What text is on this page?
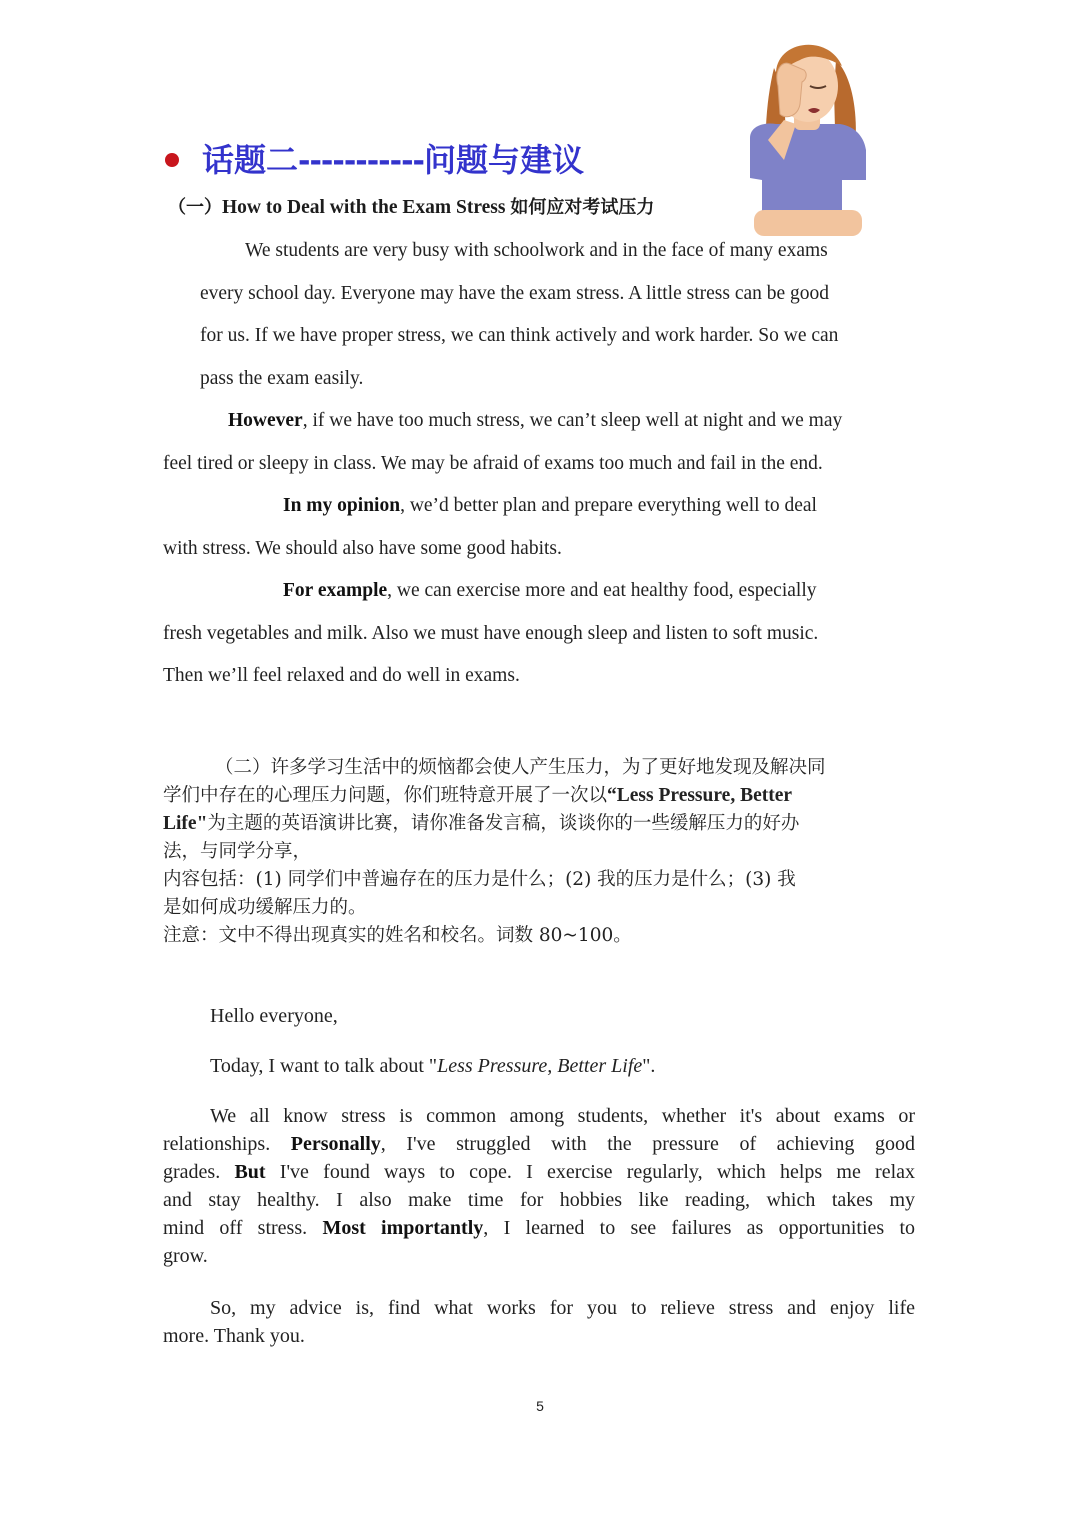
话题二-----------问题与建议
（一）How to Deal with the Exam Stress 如何应对考试压力
We students are very busy with schoolwork and in the face of many exams
every school day. Everyone may have the exam stress. A little stress can be good
for us. If we have proper stress, we can think actively and work harder. So we can
pass the exam easily.
However, if we have too much stress, we can’t sleep well at night and we may
feel tired or sleepy in class. We may be afraid of exams too much and fail in the end.
In my opinion, we’d better plan and prepare everything well to deal
with stress. We should also have some good habits.
For example, we can exercise more and eat healthy food, especially
fresh vegetables and milk. Also we must have enough sleep and listen to soft music.
Then we’ll feel relaxed and do well in exams.
（二）许多学习生活中的烦恼都会使人产生压力，为了更好地发现及解决同
学们中存在的心理压力问题，你们班特意开展了一次以“Less Pressure, Better
Life"为主题的英语演讲比赛，请你准备发言稿，谈谈你的一些缓解压力的好办
法，与同学分享，
内容包括：(1) 同学们中普遍存在的压力是什么；(2) 我的压力是什么；(3) 我
是如何成功缓解压力的。
注意：文中不得出现真实的姓名和校名。词数 80~100。
Hello everyone,
Today, I want to talk about "Less Pressure, Better Life".
We all know stress is common among students, whether it's about exams or
relationships. Personally, I've struggled with the pressure of achieving good
grades. But I've found ways to cope. I exercise regularly, which helps me relax
and stay healthy. I also make time for hobbies like reading, which takes my
mind off stress. Most importantly, I learned to see failures as opportunities to
grow.
So, my advice is, find what works for you to relieve stress and enjoy life
more. Thank you.
5
